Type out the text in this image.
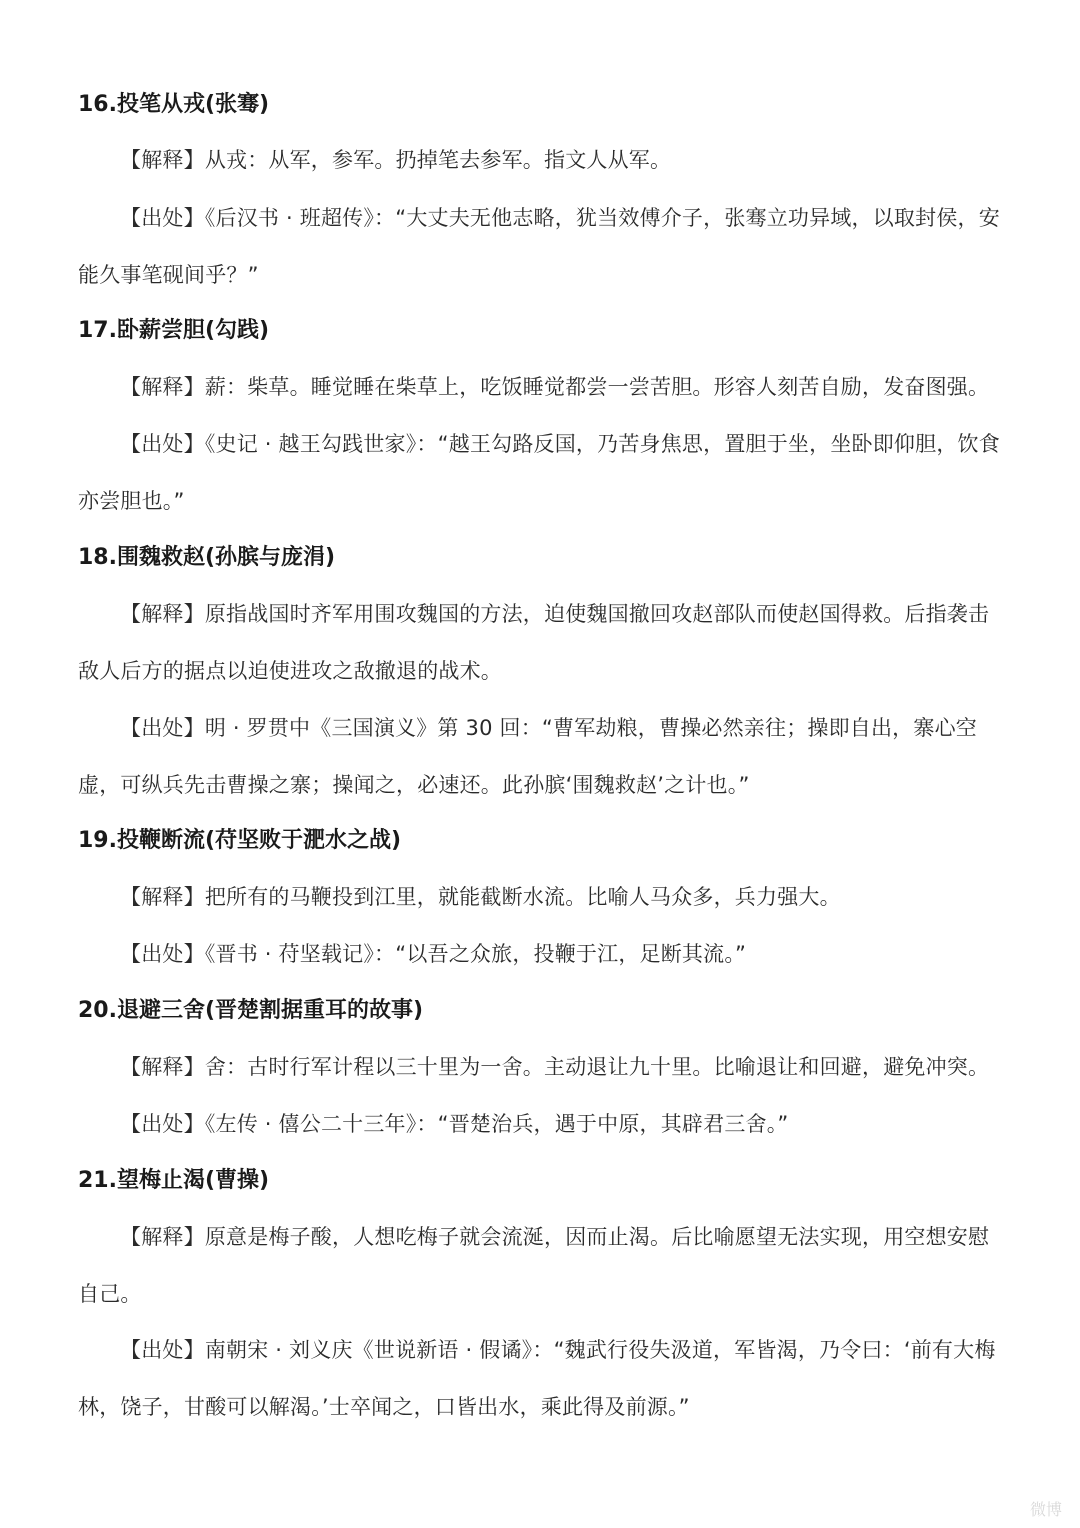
16.投笔从戎(张骞)
【解释】从戎：从军，参军。扔掉笔去参军。指文人从军。
【出处】《后汉书 · 班超传》：“大丈夫无他志略，犹当效傅介子，张骞立功异域，以取封侯，安能久事笔砚间乎？”
17.卧薪尝胆(勾践)
【解释】薪：柴草。睡觉睡在柴草上，吃饭睡觉都尝一尝苦胆。形容人刻苦自励，发奋图强。
【出处】《史记 · 越王勾践世家》：“越王勾路反国，乃苦身焦思，置胆于坐，坐卧即仰胆，饮食亦尝胆也。”
18.围魏救赵(孙膑与庞涓)
【解释】原指战国时齐军用围攻魏国的方法，迫使魏国撤回攻赵部队而使赵国得救。后指袭击敌人后方的据点以迫使进攻之敌撤退的战术。
【出处】明 · 罗贯中《三国演义》第 30 回：“曹军劫粮，曹操必然亲往；操即自出，寨心空虚，可纵兵先击曹操之寨；操闻之，必速还。此孙膑‘围魏救赵’之计也。”
19.投鞭断流(苻坚败于淝水之战)
【解释】把所有的马鞭投到江里，就能截断水流。比喻人马众多，兵力强大。
【出处】《晋书 · 苻坚载记》：“以吾之众旅，投鞭于江，足断其流。”
20.退避三舍(晋楚割据重耳的故事)
【解释】舍：古时行军计程以三十里为一舍。主动退让九十里。比喻退让和回避，避免冲突。
【出处】《左传 · 僖公二十三年》：“晋楚治兵，遇于中原，其辟君三舍。”
21.望梅止渴(曹操)
【解释】原意是梅子酸，人想吃梅子就会流涎，因而止渴。后比喻愿望无法实现，用空想安慰自己。
【出处】南朝宋 · 刘义庆《世说新语 · 假谲》：“魏武行役失汲道，军皆渴，乃令曰：‘前有大梅林，饶子，甘酸可以解渴。’士卒闻之，口皆出水，乘此得及前源。”
微博
